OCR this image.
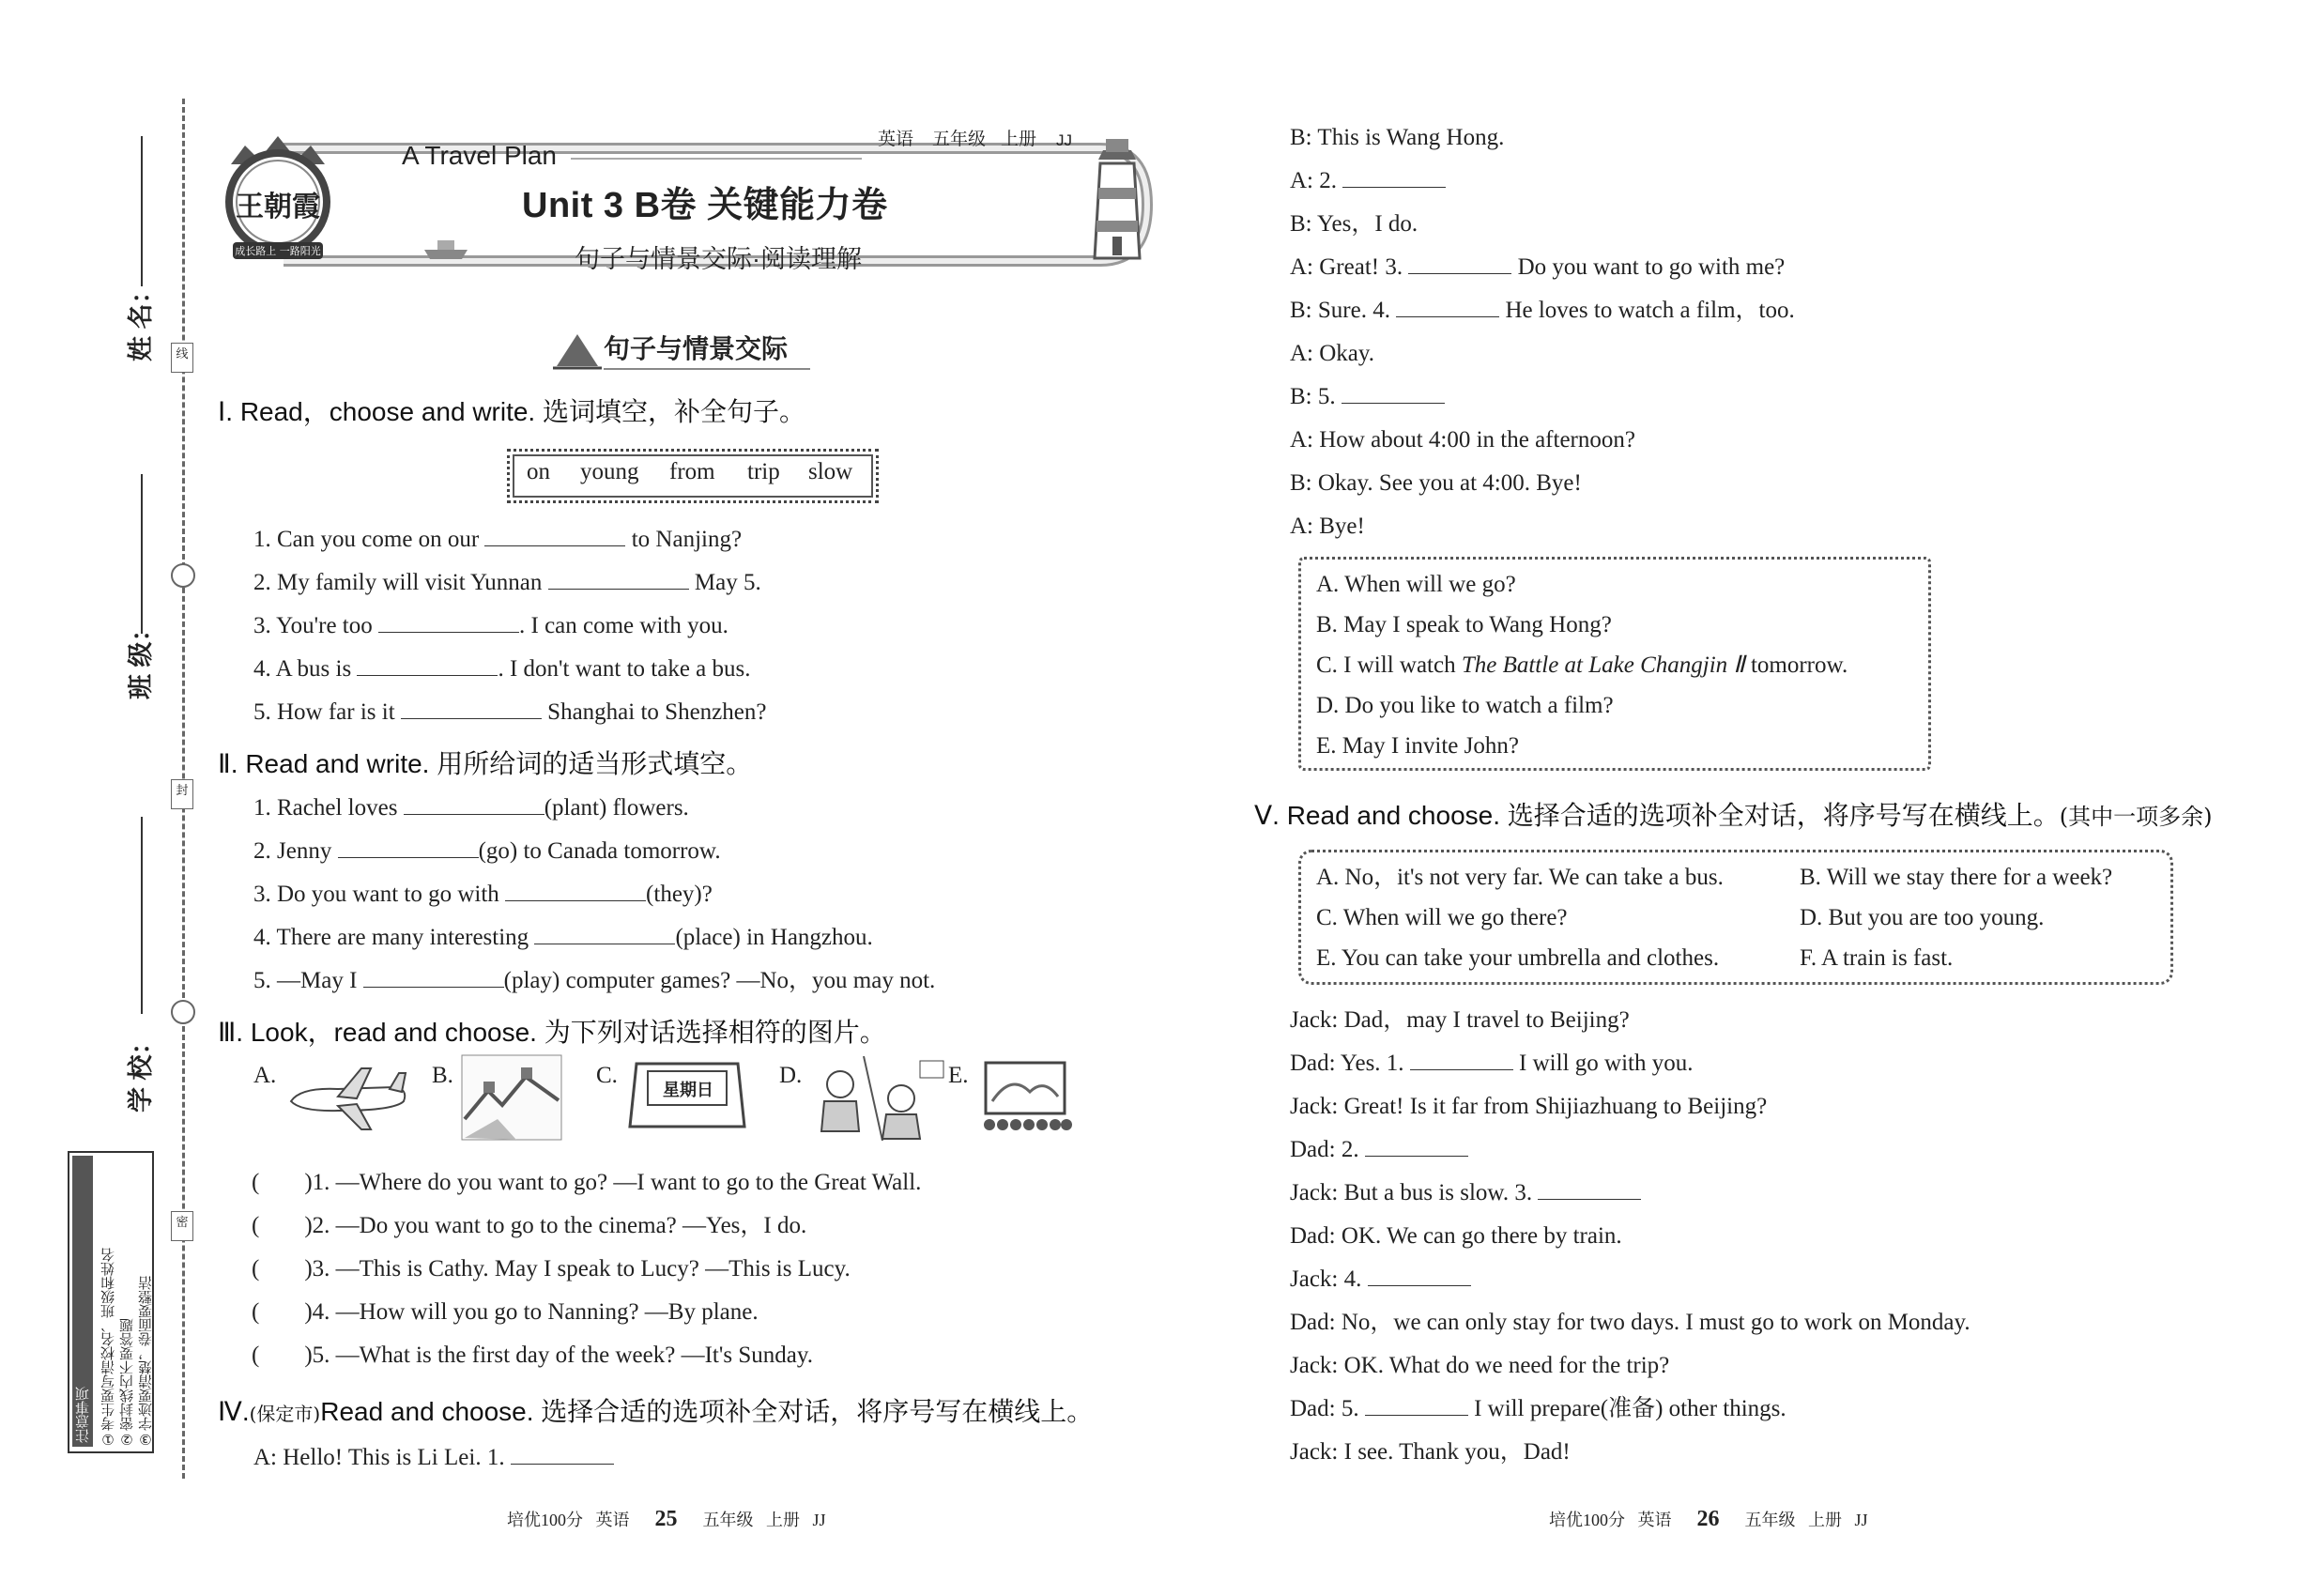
线
封
密
姓 名：
班 级：
学 校：
注意事项 ①考生要写清校名、班级和姓名 ②密封线内不要答题 ③字迹要清楚，卷面要整洁
王朝霞
成长路上 一路阳光
A Travel Plan
英语 五年级 上册 JJ
Unit 3 B卷 关键能力卷
句子与情景交际·阅读理解
句子与情景交际
Ⅰ. Read，choose and write. 选词填空，补全句子。
on young from trip slow
1. Can you come on our	to Nanjing?
2. My family will visit Yunnan	May 5.
3. You're too	. I can come with you.
4. A bus is	. I don't want to take a bus.
5. How far is it	Shanghai to Shenzhen?
Ⅱ. Read and write. 用所给词的适当形式填空。
1. Rachel loves	(plant) flowers.
2. Jenny	(go) to Canada tomorrow.
3. Do you want to go with	(they)?
4. There are many interesting	(place) in Hangzhou.
5. —May I	(play) computer games? —No，you may not.
Ⅲ. Look，read and choose. 为下列对话选择相符的图片。
A.	B.	C.
星期日
D.	E.
( )1. —Where do you want to go? —I want to go to the Great Wall.
( )2. —Do you want to go to the cinema? —Yes，I do.
( )3. —This is Cathy. May I speak to Lucy? —This is Lucy.
( )4. —How will you go to Nanning? —By plane.
( )5. —What is the first day of the week? —It's Sunday.
Ⅳ.(保定市)Read and choose. 选择合适的选项补全对话，将序号写在横线上。
A: Hello! This is Li Lei. 1.
培优100分 英语 25 五年级 上册 JJ
B: This is Wang Hong.
A: 2.
B: Yes，I do.
A: Great! 3.	Do you want to go with me?
B: Sure. 4.	He loves to watch a film，too.
A: Okay.
B: 5.
A: How about 4:00 in the afternoon?
B: Okay. See you at 4:00. Bye!
A: Bye!
A. When will we go?
B. May I speak to Wang Hong?
C. I will watch The Battle at Lake Changjin Ⅱ tomorrow.
D. Do you like to watch a film?
E. May I invite John?
Ⅴ. Read and choose. 选择合适的选项补全对话，将序号写在横线上。(其中一项多余)
A. No，it's not very far. We can take a bus.	B. Will we stay there for a week?
C. When will we go there?	D. But you are too young.
E. You can take your umbrella and clothes.	F. A train is fast.
Jack: Dad，may I travel to Beijing?
Dad: Yes. 1.	I will go with you.
Jack: Great! Is it far from Shijiazhuang to Beijing?
Dad: 2.
Jack: But a bus is slow. 3.
Dad: OK. We can go there by train.
Jack: 4.
Dad: No，we can only stay for two days. I must go to work on Monday.
Jack: OK. What do we need for the trip?
Dad: 5.	I will prepare(准备) other things.
Jack: I see. Thank you，Dad!
培优100分 英语 26 五年级 上册 JJ
